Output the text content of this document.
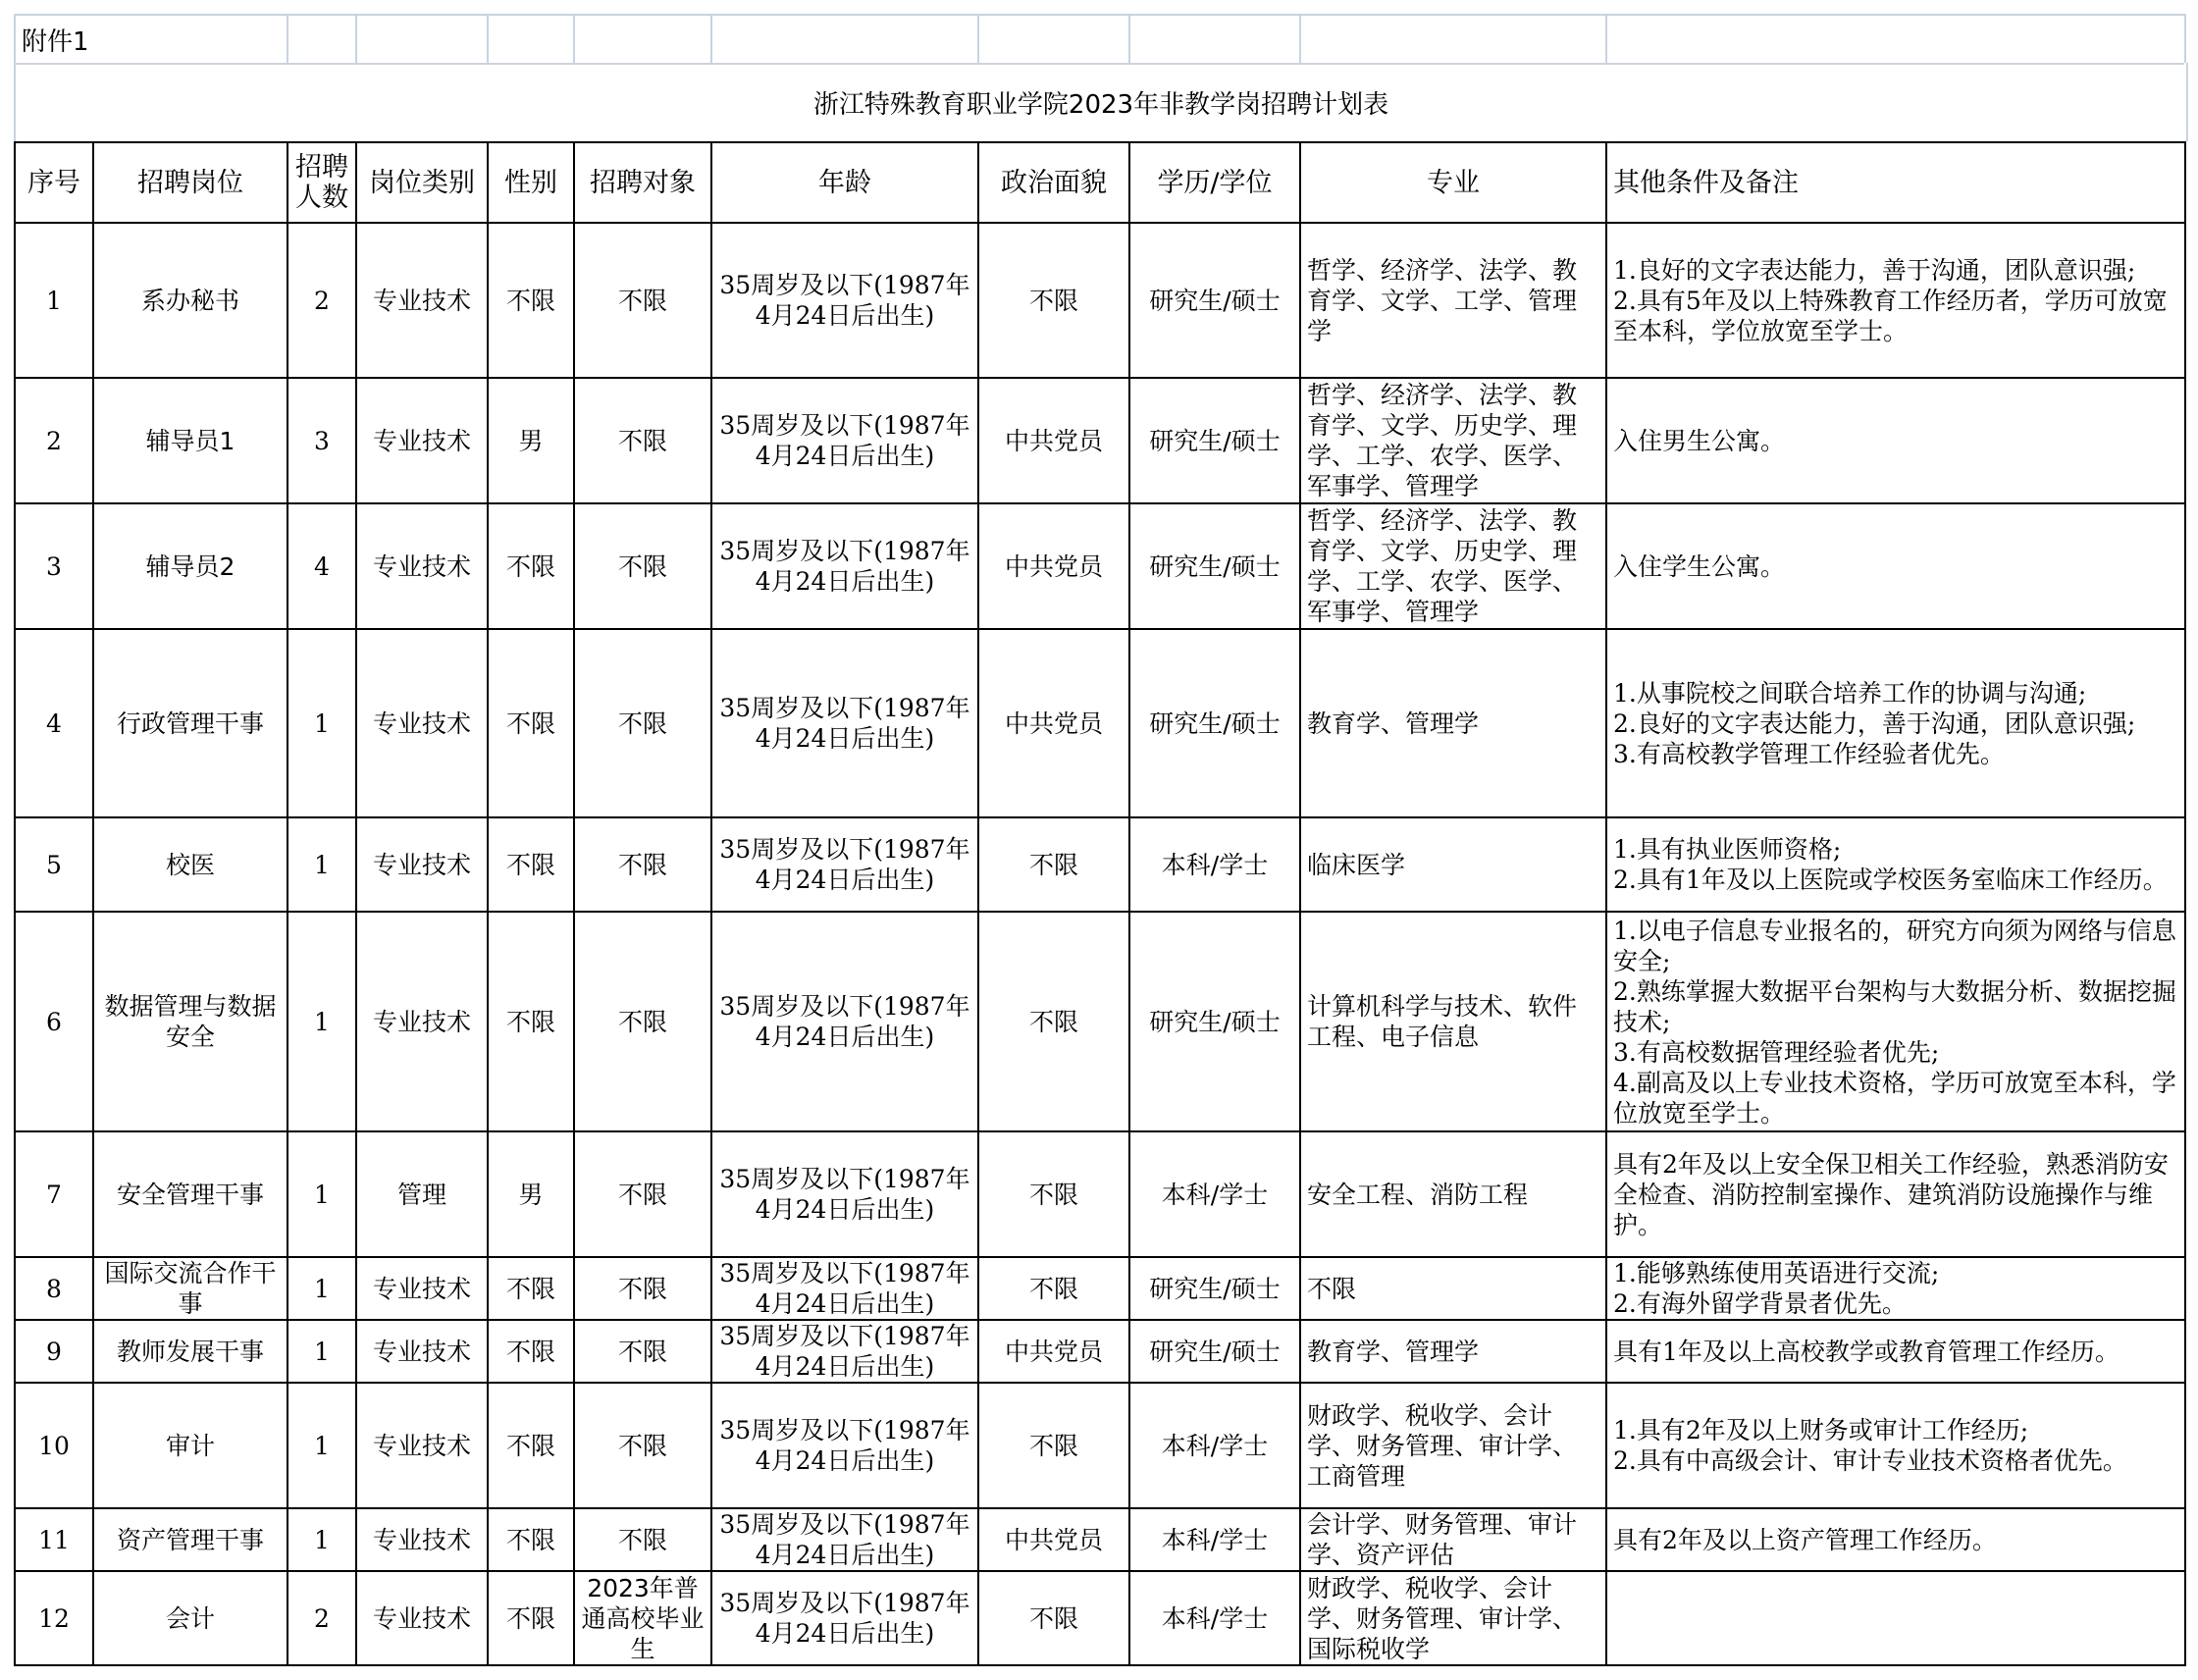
附件1
浙江特殊教育职业学院2023年非教学岗招聘计划表
序号	招聘岗位	招聘人数	岗位类别	性别	招聘对象	年龄	政治面貌	学历/学位	专业	其他条件及备注

1	系办秘书	2	专业技术	不限	不限	35周岁及以下(1987年4月24日后出生)	不限	研究生/硕士	哲学、经济学、法学、教育学、文学、工学、管理学	1.良好的文字表达能力，善于沟通，团队意识强;
2.具有5年及以上特殊教育工作经历者，学历可放宽至本科，学位放宽至学士。

2	辅导员1	3	专业技术	男	不限	35周岁及以下(1987年4月24日后出生)	中共党员	研究生/硕士	哲学、经济学、法学、教育学、文学、历史学、理学、工学、农学、医学、军事学、管理学	入住男生公寓。

3	辅导员2	4	专业技术	不限	不限	35周岁及以下(1987年4月24日后出生)	中共党员	研究生/硕士	哲学、经济学、法学、教育学、文学、历史学、理学、工学、农学、医学、军事学、管理学	入住学生公寓。

4	行政管理干事	1	专业技术	不限	不限	35周岁及以下(1987年4月24日后出生)	中共党员	研究生/硕士	教育学、管理学	1.从事院校之间联合培养工作的协调与沟通;
2.良好的文字表达能力，善于沟通，团队意识强;
3.有高校教学管理工作经验者优先。

5	校医	1	专业技术	不限	不限	35周岁及以下(1987年4月24日后出生)	不限	本科/学士	临床医学	1.具有执业医师资格;
2.具有1年及以上医院或学校医务室临床工作经历。

6	数据管理与数据安全	1	专业技术	不限	不限	35周岁及以下(1987年4月24日后出生)	不限	研究生/硕士	计算机科学与技术、软件工程、电子信息	1.以电子信息专业报名的，研究方向须为网络与信息安全;
2.熟练掌握大数据平台架构与大数据分析、数据挖掘技术;
3.有高校数据管理经验者优先;
4.副高及以上专业技术资格，学历可放宽至本科，学位放宽至学士。

7	安全管理干事	1	管理	男	不限	35周岁及以下(1987年4月24日后出生)	不限	本科/学士	安全工程、消防工程	具有2年及以上安全保卫相关工作经验，熟悉消防安全检查、消防控制室操作、建筑消防设施操作与维护。

8	国际交流合作干事	1	专业技术	不限	不限	35周岁及以下(1987年4月24日后出生)	不限	研究生/硕士	不限	1.能够熟练使用英语进行交流;
2.有海外留学背景者优先。

9	教师发展干事	1	专业技术	不限	不限	35周岁及以下(1987年4月24日后出生)	中共党员	研究生/硕士	教育学、管理学	具有1年及以上高校教学或教育管理工作经历。

10	审计	1	专业技术	不限	不限	35周岁及以下(1987年4月24日后出生)	不限	本科/学士	财政学、税收学、会计学、财务管理、审计学、工商管理	1.具有2年及以上财务或审计工作经历;
2.具有中高级会计、审计专业技术资格者优先。

11	资产管理干事	1	专业技术	不限	不限	35周岁及以下(1987年4月24日后出生)	中共党员	本科/学士	会计学、财务管理、审计学、资产评估	具有2年及以上资产管理工作经历。

12	会计	2	专业技术	不限	2023年普通高校毕业生	35周岁及以下(1987年4月24日后出生)	不限	本科/学士	财政学、税收学、会计学、财务管理、审计学、国际税收学	
